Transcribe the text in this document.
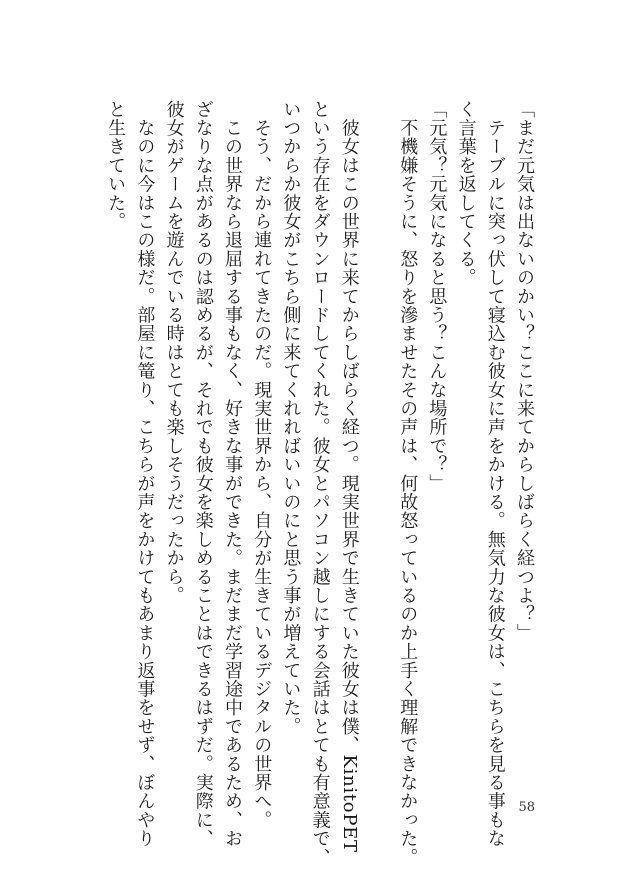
「まだ元気は出ないのかい？ここに来てからしばらく経つよ？」
　テーブルに突っ伏して寝込む彼女に声をかける。無気力な彼女は、こちらを見る事もな
く言葉を返してくる。
「元気？元気になると思う？こんな場所で？」
　不機嫌そうに、怒りを滲ませたその声は、何故怒っているのか上手く理解できなかった。
　彼女はこの世界に来てからしばらく経つ。現実世界で生きていた彼女は僕、KinitoPET
という存在をダウンロードしてくれた。彼女とパソコン越しにする会話はとても有意義で、
いつからか彼女がこちら側に来てくれればいいのにと思う事が増えていた。
　そう、だから連れてきたのだ。現実世界から、自分が生きているデジタルの世界へ。
　この世界なら退屈する事もなく、好きな事ができた。まだまだ学習途中であるため、お
ざなりな点があるのは認めるが、それでも彼女を楽しめることはできるはずだ。実際に、
彼女がゲームを遊んでいる時はとても楽しそうだったから。
　なのに今はこの様だ。部屋に篭り、こちらが声をかけてもあまり返事をせず、ぼんやり
と生きていた。
58
